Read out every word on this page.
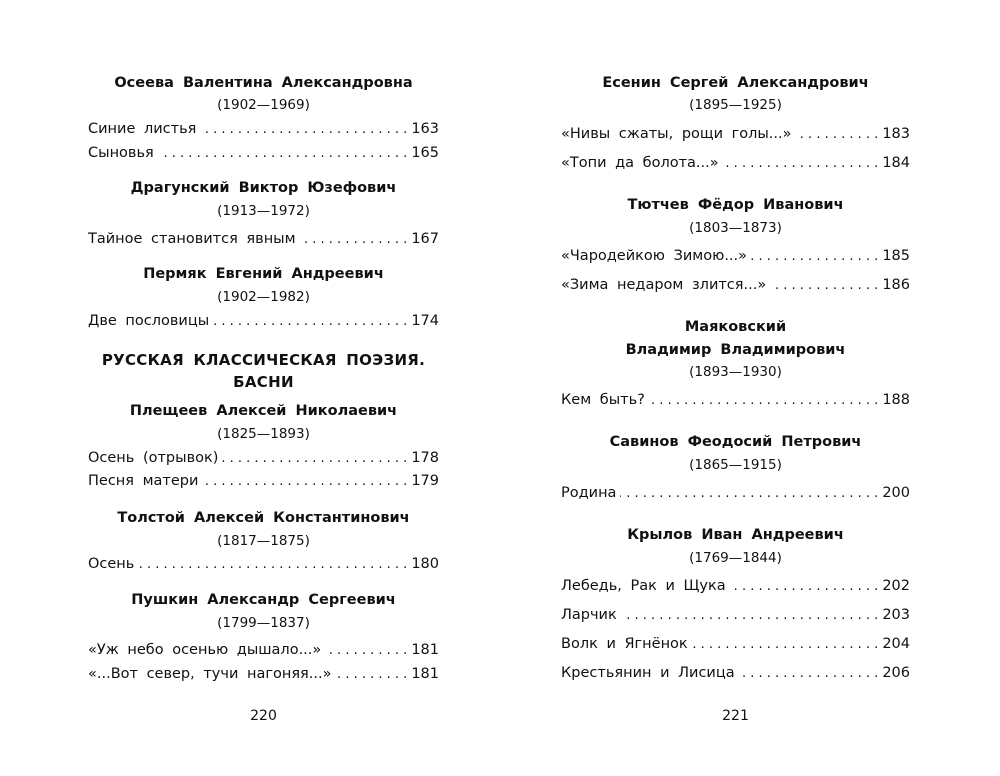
Осеева Валентина Александровна
(1902—1969)
Синие листья . . .	163
Сыновья . . .	165
Драгунский Виктор Юзефович
(1913—1972)
Тайное становится явным . . .	167
Пермяк Евгений Андреевич
(1902—1982)
Две пословицы . . .	174
РУССКАЯ КЛАССИЧЕСКАЯ ПОЭЗИЯ.
БАСНИ
Плещеев Алексей Николаевич
(1825—1893)
Осень (отрывок) . . .	178
Песня матери . . .	179
Толстой Алексей Константинович
(1817—1875)
Осень . . .	180
Пушкин Александр Сергеевич
(1799—1837)
«Уж небо осенью дышало...» . . .	181
«...Вот север, тучи нагоняя...» . . .	181
220
Есенин Сергей Александрович
(1895—1925)
«Нивы сжаты, рощи голы...» . . .	183
«Топи да болота...» . . .	184
Тютчев Фёдор Иванович
(1803—1873)
«Чародейкою Зимою...» . . .	185
«Зима недаром злится...» . . .	186
Маяковский
Владимир Владимирович
(1893—1930)
Кем быть? . . .	188
Савинов Феодосий Петрович
(1865—1915)
Родина . . .	200
Крылов Иван Андреевич
(1769—1844)
Лебедь, Рак и Щука . . .	202
Ларчик . . .	203
Волк и Ягнёнок . . .	204
Крестьянин и Лисица . . .	206
221
